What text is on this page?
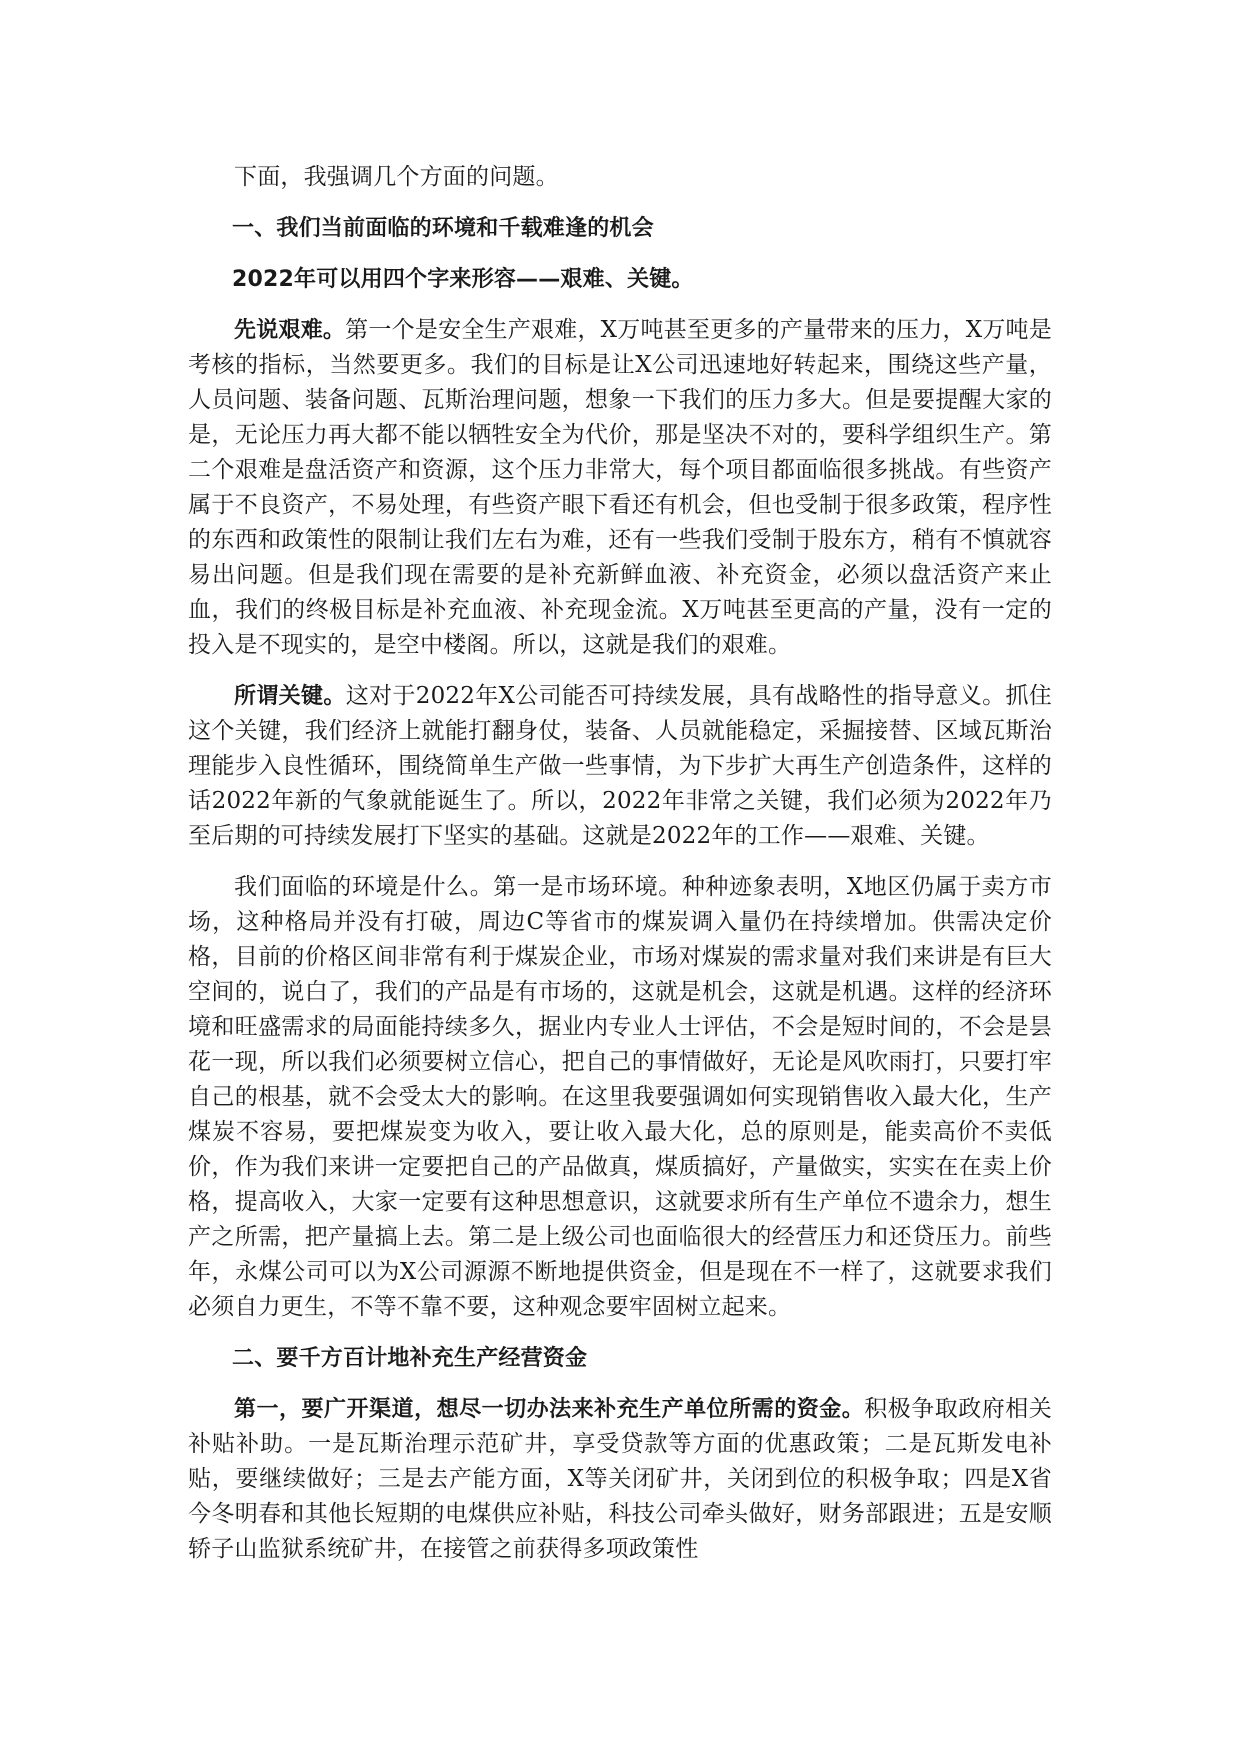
下面，我强调几个方面的问题。

一、我们当前面临的环境和千载难逢的机会

2022年可以用四个字来形容——艰难、关键。

先说艰难。第一个是安全生产艰难，X万吨甚至更多的产量带来的压力，X万吨是考核的指标，当然要更多。我们的目标是让X公司迅速地好转起来，围绕这些产量，人员问题、装备问题、瓦斯治理问题，想象一下我们的压力多大。但是要提醒大家的是，无论压力再大都不能以牺牲安全为代价，那是坚决不对的，要科学组织生产。第二个艰难是盘活资产和资源，这个压力非常大，每个项目都面临很多挑战。有些资产属于不良资产，不易处理，有些资产眼下看还有机会，但也受制于很多政策，程序性的东西和政策性的限制让我们左右为难，还有一些我们受制于股东方，稍有不慎就容易出问题。但是我们现在需要的是补充新鲜血液、补充资金，必须以盘活资产来止血，我们的终极目标是补充血液、补充现金流。X万吨甚至更高的产量，没有一定的投入是不现实的，是空中楼阁。所以，这就是我们的艰难。

所谓关键。这对于2022年X公司能否可持续发展，具有战略性的指导意义。抓住这个关键，我们经济上就能打翻身仗，装备、人员就能稳定，采掘接替、区域瓦斯治理能步入良性循环，围绕简单生产做一些事情，为下步扩大再生产创造条件，这样的话2022年新的气象就能诞生了。所以，2022年非常之关键，我们必须为2022年乃至后期的可持续发展打下坚实的基础。这就是2022年的工作——艰难、关键。

我们面临的环境是什么。第一是市场环境。种种迹象表明，X地区仍属于卖方市场，这种格局并没有打破，周边C等省市的煤炭调入量仍在持续增加。供需决定价格，目前的价格区间非常有利于煤炭企业，市场对煤炭的需求量对我们来讲是有巨大空间的，说白了，我们的产品是有市场的，这就是机会，这就是机遇。这样的经济环境和旺盛需求的局面能持续多久，据业内专业人士评估，不会是短时间的，不会是昙花一现，所以我们必须要树立信心，把自己的事情做好，无论是风吹雨打，只要打牢自己的根基，就不会受太大的影响。在这里我要强调如何实现销售收入最大化，生产煤炭不容易，要把煤炭变为收入，要让收入最大化，总的原则是，能卖高价不卖低价，作为我们来讲一定要把自己的产品做真，煤质搞好，产量做实，实实在在卖上价格，提高收入，大家一定要有这种思想意识，这就要求所有生产单位不遗余力，想生产之所需，把产量搞上去。第二是上级公司也面临很大的经营压力和还贷压力。前些年，永煤公司可以为X公司源源不断地提供资金，但是现在不一样了，这就要求我们必须自力更生，不等不靠不要，这种观念要牢固树立起来。

二、要千方百计地补充生产经营资金

第一，要广开渠道，想尽一切办法来补充生产单位所需的资金。积极争取政府相关补贴补助。一是瓦斯治理示范矿井，享受贷款等方面的优惠政策；二是瓦斯发电补贴，要继续做好；三是去产能方面，X等关闭矿井，关闭到位的积极争取；四是X省今冬明春和其他长短期的电煤供应补贴，科技公司牵头做好，财务部跟进；五是安顺轿子山监狱系统矿井，在接管之前获得多项政策性
